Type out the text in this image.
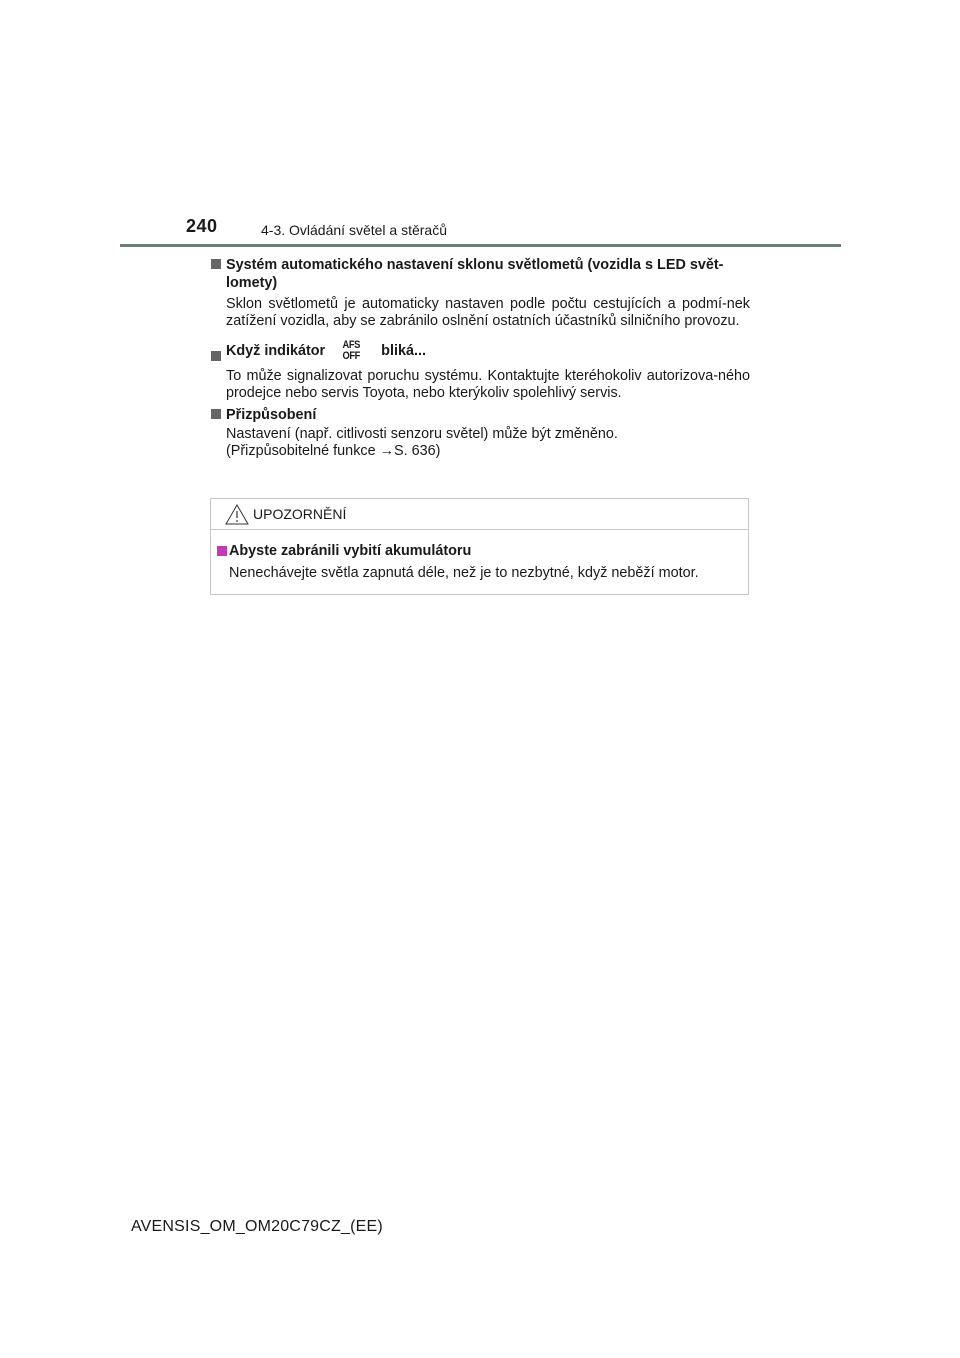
240	4-3. Ovládání světel a stěračů

Systém automatického nastavení sklonu světlometů (vozidla s LED svět-lomety)

Sklon světlometů je automaticky nastaven podle počtu cestujících a podmí-nek zatížení vozidla, aby se zabránilo oslnění ostatních účastníků silničního provozu.

Když indikátor AFS
OFF bliká...

To může signalizovat poruchu systému. Kontaktujte kteréhokoliv autorizova-ného prodejce nebo servis Toyota, nebo kterýkoliv spolehlivý servis.

Přizpůsobení

Nastavení (např. citlivosti senzoru světel) může být změněno.

(Přizpůsobitelné funkce →S. 636)

UPOZORNĚNÍ
Abyste zabránili vybití akumulátoru
Nenechávejte světla zapnutá déle, než je to nezbytné, když neběží motor.
AVENSIS_OM_OM20C79CZ_(EE)
